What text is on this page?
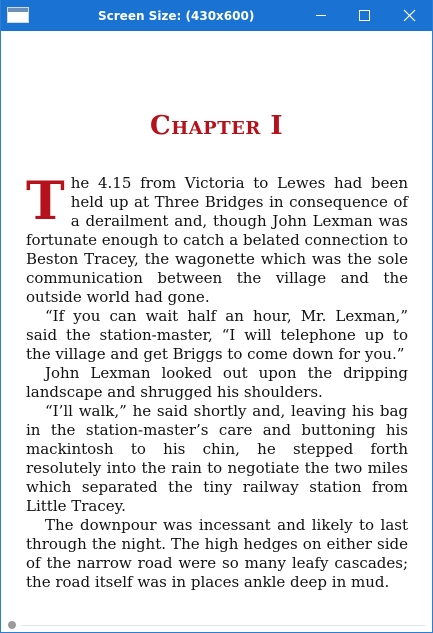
Screen Size: (430x600)
Chapter I

The 4.15 from Victoria to Lewes had been held up at Three Bridges in consequence of a derailment and, though John Lexman was fortunate enough to catch a belated connection to Beston Tracey, the wagonette which was the sole communication between the village and the outside world had gone.

“If you can wait half an hour, Mr. Lexman,” said the station-master, “I will telephone up to the village and get Briggs to come down for you.”

John Lexman looked out upon the dripping landscape and shrugged his shoulders.

“I’ll walk,” he said shortly and, leaving his bag in the station-master’s care and buttoning his mackintosh to his chin, he stepped forth resolutely into the rain to negotiate the two miles which separated the tiny railway station from Little Tracey.

The downpour was incessant and likely to last through the night. The high hedges on either side of the narrow road were so many leafy cascades; the road itself was in places ankle deep in mud.
